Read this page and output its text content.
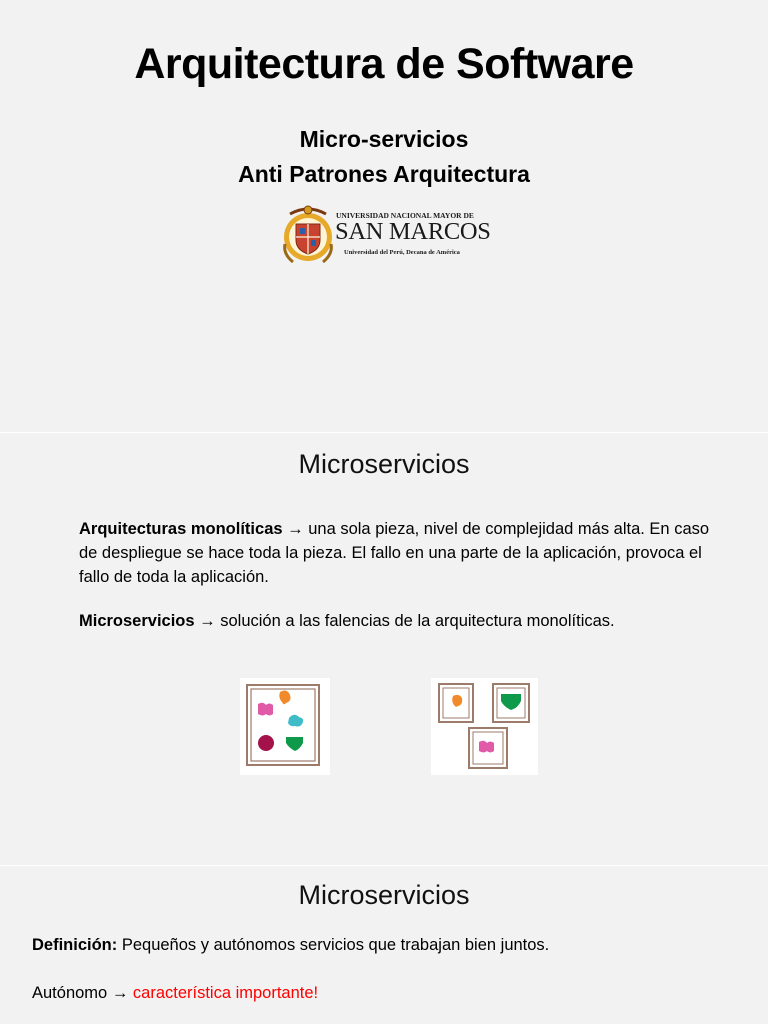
Arquitectura de Software
Micro-servicios
Anti Patrones Arquitectura
UNIVERSIDAD NACIONAL MAYOR DE
SAN MARCOS
Universidad del Perú, Decana de América
Microservicios
Arquitecturas monolíticas → una sola pieza, nivel de complejidad más alta. En caso de despliegue se hace toda la pieza. El fallo en una parte de la aplicación, provoca el fallo de toda la aplicación.
Microservicios → solución a las falencias de la arquitectura monolíticas.
Microservicios
Definición: Pequeños y autónomos servicios que trabajan bien juntos.
Autónomo → característica importante!
